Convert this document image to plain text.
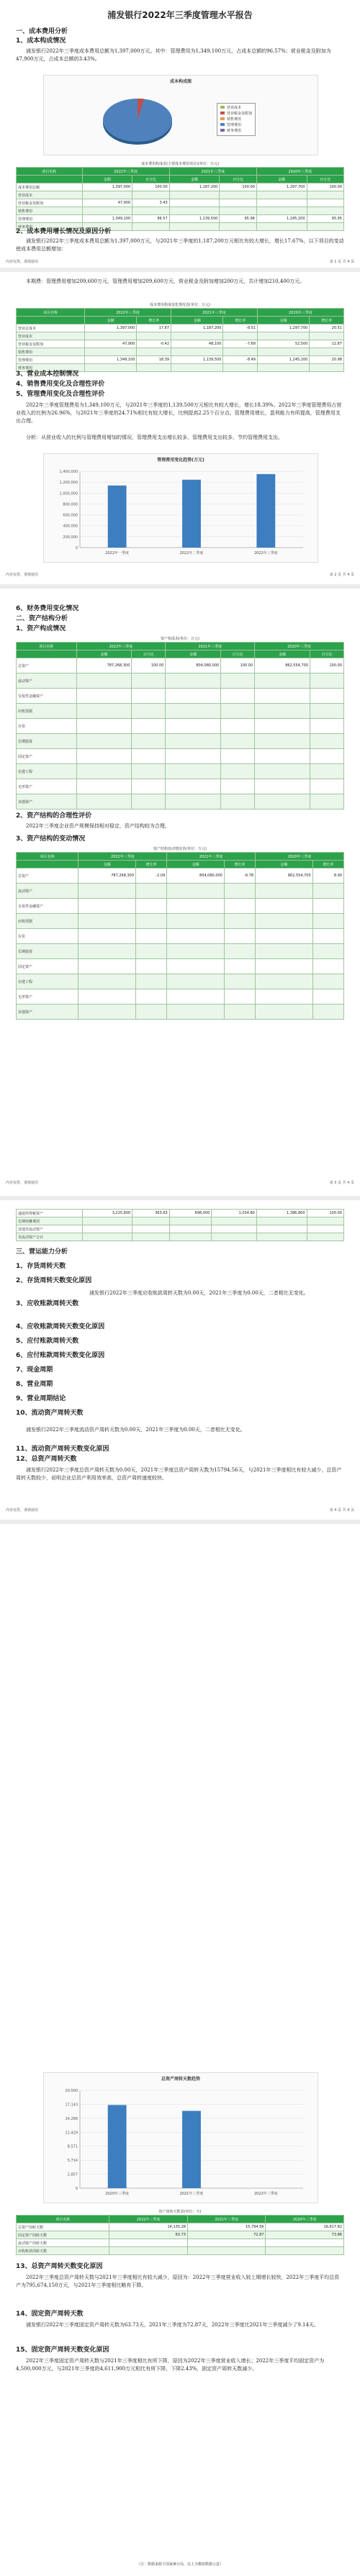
浦发银行2022年三季度管理水平报告

一、成本费用分析

1、成本构成情况

浦发银行2022年三季度成本费用总额为1,397,000万元。其中：管理费用为1,349,100万元，占成本总额的96.57%；营业税金及附加为47,900万元，占成本总额的3.43%。

成本构成图

营业成本
营业税金及附加
销售费用
管理费用
财务费用

成本费用构成表(主要成本费用项目)(单位：万元)

项目名称	2022年三季度		2021年三季度		2020年三季度	
	金额	百分比	金额	百分比	金额	百分比
成本费用总额	1,397,000	100.00	1,187,200	100.00	1,297,700	100.00
营业成本						
营业税金及附加	47,900	3.43				
销售费用						
管理费用	1,349,100	96.57	1,139,500	95.98	1,245,200	95.95
财务费用						

2、成本费用增长情况及原因分析

浦发银行2022年三季度成本费用总额为1,397,000万元，与2021年三季度的1,187,200万元相比有较大增长，增长17.67%，以下项目的变动使成本费用总额增加：

内容仅供，谨慎使用	第 1 页 共 4 页

本期费：管理费用增加209,600万元，管理费用增加209,600万元，营业税金及附加增加200万元，共计增加210,400万元。

成本费用构成变化情况表(单位：万元)

项目名称	2022年三季度		2021年三季度		2020年三季度	
	金额	增长率	金额	增长率	金额	增长率
营业总成本	1,397,000	17.67	1,187,200	-8.51	1,297,700	20.51
营业成本						
营业税金及附加	47,900	-0.42	48,100	-7.69	52,500	12.87
销售费用						
管理费用	1,349,100	18.39	1,139,500	-8.49	1,245,200	20.98
财务费用						

3、营业成本控制情况

4、销售费用变化及合理性评价

5、管理费用变化及合理性评价

2022年三季度管理费用为1,349,100万元，与2021年三季度的1,139,500万元相比有较大增长，增长18.39%。2022年三季度管理费用占营业收入的比例为26.96%，与2021年三季度的24.71%相比有较大增长，比例提高2.25个百分点。管理费用增长，盈利能力有所提高，管理费用支出合理。

分析：从营业收入的比例与管理费用增加的情况，管理费用支出增长较多，管理费用支出较多，节约管理费用支出。

管理费用变化趋势(万元)

0
200,000
400,000
600,000
800,000
1,000,000
1,200,000
1,400,000
2022年一季度	2022年二季度	2022年三季度
内容仅供，谨慎使用	第 2 页 共 4 页

6、财务费用变化情况

二、资产结构分析

1、资产构成情况

资产构成表(单位：万元)

项目名称	2022年三季度		2021年三季度		2020年三季度	
	金额	百分比	金额	百分比	金额	百分比
总资产	787,268,300	100.00	804,080,000	100.00	862,554,700	100.00
流动资产						
交易性金融资产						
应收票据						
存货						
长期投资						
固定资产						
在建工程						
无形资产						
其他资产						

2、资产结构的合理性评价

2022年三季度企业资产规模保持相对稳定，资产结构较为合理。

3、资产结构的变动情况

资产结构变动情况表(单位：万元)

项目名称	2022年三季度		2021年三季度		2020年三季度	
	金额	增长率	金额	增长率	金额	增长率
总资产	787,268,300	-2.09	804,080,000	-6.78	862,554,700	8.90
流动资产						
交易性金融资产						
应收票据						
存货						
长期投资						
固定资产						
在建工程						
无形资产						
其他资产						
内容仅供，谨慎使用	第 3 页 共 4 页
递延所得税资产	3,225,600	363.63	696,000	1,034.80	1,396,800	100.00
长期待摊费用						
其他非流动资产						
非流动资产合计						

三、营运能力分析

1、存货周转天数

2、存货周转天数变化原因

3、应收账款周转天数

4、应收账款周转天数变化原因

5、应付账款周转天数

6、应付账款周转天数变化原因

7、现金周期

8、营业周期

9、营业周期结论

10、流动资产周转天数

浦发银行2022年三季度应收账款周转天数为0.00天，2021年三季度为0.00天，二者相比无变化。

浦发银行2022年三季度流动资产周转天数为0.00天，2021年三季度为0.00天，二者相比无变化。

11、流动资产周转天数变化原因

12、总资产周转天数

浦发银行2022年三季度总资产周转天数为0.00天，2021年三季度总资产周转天数为15794.56天，与2021年三季度相比有较大减少，总资产周转天数较少，说明企业总资产利用效率高，总资产周转速度较快。

内容仅供，谨慎使用	第 4 页 共 4 页

总资产周转天数趋势

0
2,857
5,714
8,571
11,429
14,286
17,143
20,000
2020年三季度	2021年三季度	2022年三季度

资产周转天数表(单位：天)

项目名称	2022年三季度	2021年三季度	2020年三季度
总资产周转天数	14,135.28	15,794.56	16,617.82
固定资产周转天数	63.73	72.87	73.86
流动资产周转天数			
应收账款周转天数			

13、总资产周转天数变化原因

2022年三季度总资产周转天数与2021年三季度相比有较大减少，原因为：2022年三季度营业收入较上期增长较快，2022年三季度平均总资产为795,674,150万元，与2021年三季度相比略有下降。

14、固定资产周转天数

浦发银行2022年三季度固定资产周转天数为63.73天，2021年三季度为72.87天，2022年三季度比2021年三季度减少了9.14天。

15、固定资产周转天数变化原因

2022年三季度固定资产周转天数与2021年三季度相比有所下降，原因为2022年三季度营业收入增长；2022年三季度平均固定资产为4,500,000万元，与2021年三季度的4,611,900万元相比有所下降，下降2.43%，固定资产周转天数减少。

（注：数据来源于国家统计局，以上为模拟数据示意）
